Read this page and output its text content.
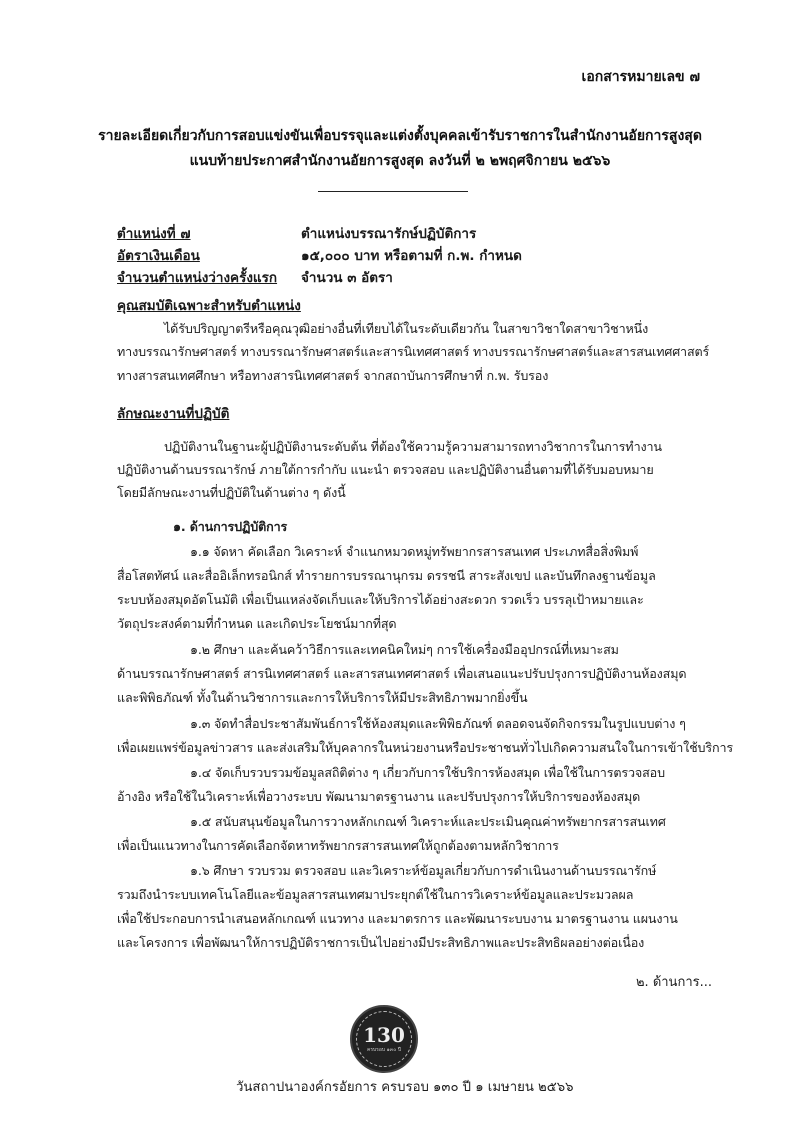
เอกสารหมายเลข ๗
รายละเอียดเกี่ยวกับการสอบแข่งขันเพื่อบรรจุและแต่งตั้งบุคคลเข้ารับราชการในสำนักงานอัยการสูงสุด
แนบท้ายประกาศสำนักงานอัยการสูงสุด ลงวันที่ ๒ ๒พฤศจิกายน ๒๕๖๖
ตำแหน่งที่ ๗	ตำแหน่งบรรณารักษ์ปฏิบัติการ
อัตราเงินเดือน	๑๕,๐๐๐ บาท หรือตามที่ ก.พ. กำหนด
จำนวนตำแหน่งว่างครั้งแรก จำนวน ๓ อัตรา
คุณสมบัติเฉพาะสำหรับตำแหน่ง
ได้รับปริญญาตรีหรือคุณวุฒิอย่างอื่นที่เทียบได้ในระดับเดียวกัน ในสาขาวิชาใดสาขาวิชาหนึ่ง
ทางบรรณารักษศาสตร์ ทางบรรณารักษศาสตร์และสารนิเทศศาสตร์ ทางบรรณารักษศาสตร์และสารสนเทศศาสตร์
ทางสารสนเทศศึกษา หรือทางสารนิเทศศาสตร์ จากสถาบันการศึกษาที่ ก.พ. รับรอง
ลักษณะงานที่ปฏิบัติ
ปฏิบัติงานในฐานะผู้ปฏิบัติงานระดับต้น ที่ต้องใช้ความรู้ความสามารถทางวิชาการในการทำงาน
ปฏิบัติงานด้านบรรณารักษ์ ภายใต้การกำกับ แนะนำ ตรวจสอบ และปฏิบัติงานอื่นตามที่ได้รับมอบหมาย
โดยมีลักษณะงานที่ปฏิบัติในด้านต่าง ๆ ดังนี้
๑. ด้านการปฏิบัติการ
๑.๑ จัดหา คัดเลือก วิเคราะห์ จำแนกหมวดหมู่ทรัพยากรสารสนเทศ ประเภทสื่อสิ่งพิมพ์
สื่อโสตทัศน์ และสื่ออิเล็กทรอนิกส์ ทำรายการบรรณานุกรม ดรรชนี สาระสังเขป และบันทึกลงฐานข้อมูล
ระบบห้องสมุดอัตโนมัติ เพื่อเป็นแหล่งจัดเก็บและให้บริการได้อย่างสะดวก รวดเร็ว บรรลุเป้าหมายและ
วัตถุประสงค์ตามที่กำหนด และเกิดประโยชน์มากที่สุด
๑.๒ ศึกษา และค้นคว้าวิธีการและเทคนิคใหม่ๆ การใช้เครื่องมืออุปกรณ์ที่เหมาะสม
ด้านบรรณารักษศาสตร์ สารนิเทศศาสตร์ และสารสนเทศศาสตร์ เพื่อเสนอแนะปรับปรุงการปฏิบัติงานห้องสมุด
และพิพิธภัณฑ์ ทั้งในด้านวิชาการและการให้บริการให้มีประสิทธิภาพมากยิ่งขึ้น
๑.๓ จัดทำสื่อประชาสัมพันธ์การใช้ห้องสมุดและพิพิธภัณฑ์ ตลอดจนจัดกิจกรรมในรูปแบบต่าง ๆ
เพื่อเผยแพร่ข้อมูลข่าวสาร และส่งเสริมให้บุคลากรในหน่วยงานหรือประชาชนทั่วไปเกิดความสนใจในการเข้าใช้บริการ
๑.๔ จัดเก็บรวบรวมข้อมูลสถิติต่าง ๆ เกี่ยวกับการใช้บริการห้องสมุด เพื่อใช้ในการตรวจสอบ
อ้างอิง หรือใช้ในวิเคราะห์เพื่อวางระบบ พัฒนามาตรฐานงาน และปรับปรุงการให้บริการของห้องสมุด
๑.๕ สนับสนุนข้อมูลในการวางหลักเกณฑ์ วิเคราะห์และประเมินคุณค่าทรัพยากรสารสนเทศ
เพื่อเป็นแนวทางในการคัดเลือกจัดหาทรัพยากรสารสนเทศให้ถูกต้องตามหลักวิชาการ
๑.๖ ศึกษา รวบรวม ตรวจสอบ และวิเคราะห์ข้อมูลเกี่ยวกับการดำเนินงานด้านบรรณารักษ์
รวมถึงนำระบบเทคโนโลยีและข้อมูลสารสนเทศมาประยุกต์ใช้ในการวิเคราะห์ข้อมูลและประมวลผล
เพื่อใช้ประกอบการนำเสนอหลักเกณฑ์ แนวทาง และมาตรการ และพัฒนาระบบงาน มาตรฐานงาน แผนงาน
และโครงการ เพื่อพัฒนาให้การปฏิบัติราชการเป็นไปอย่างมีประสิทธิภาพและประสิทธิผลอย่างต่อเนื่อง
๒. ด้านการ...
130
ครบรอบ ๑๓๐ ปี
วันสถาปนาองค์กรอัยการ ครบรอบ ๑๓๐ ปี ๑ เมษายน ๒๕๖๖
